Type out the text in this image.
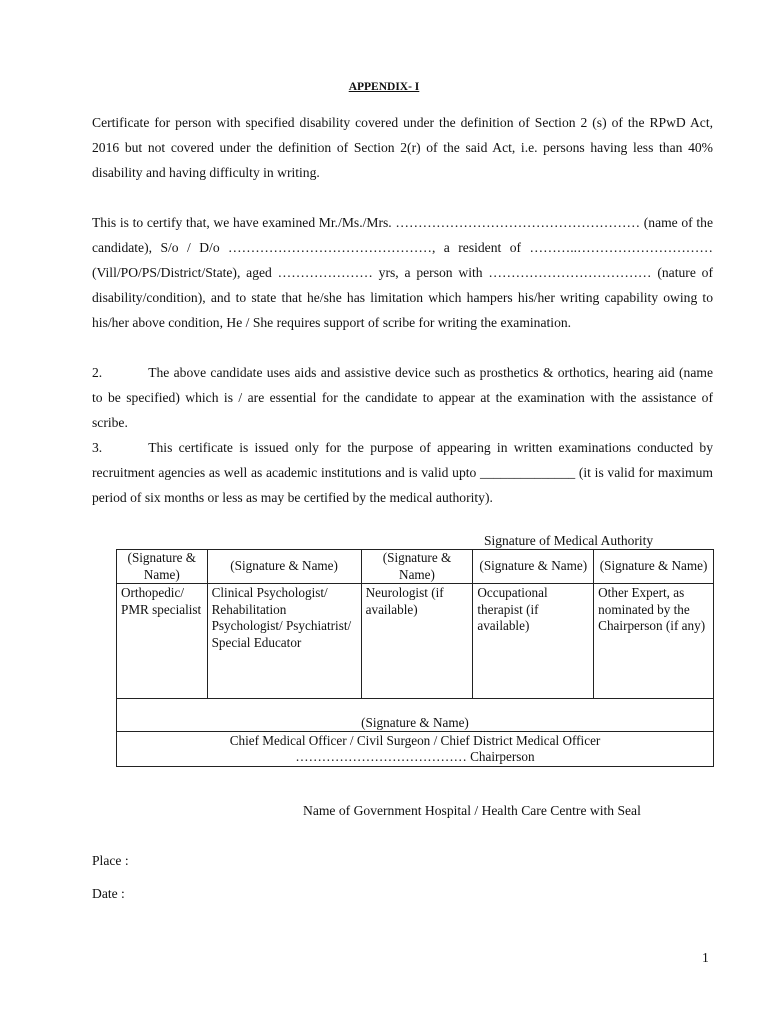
APPENDIX- I

Certificate for person with specified disability covered under the definition of Section 2 (s) of the RPwD Act, 2016 but not covered under the definition of Section 2(r) of the said Act, i.e. persons having less than 40% disability and having difficulty in writing.

This is to certify that, we have examined Mr./Ms./Mrs. ……………………………………………… (name of the candidate), S/o / D/o ………………………………………, a resident of ………..………………………… (Vill/PO/PS/District/State), aged ………………… yrs, a person with ……………………………… (nature of disability/condition), and to state that he/she has limitation which hampers his/her writing capability owing to his/her above condition, He / She requires support of scribe for writing the examination.

2.	The above candidate uses aids and assistive device such as prosthetics & orthotics, hearing aid (name to be specified) which is / are essential for the candidate to appear at the examination with the assistance of scribe.

3.	This certificate is issued only for the purpose of appearing in written examinations conducted by recruitment agencies as well as academic institutions and is valid upto ______________ (it is valid for maximum period of six months or less as may be certified by the medical authority).

Signature of Medical Authority
(Signature & Name)	(Signature & Name)	(Signature & Name)	(Signature & Name)	(Signature & Name)
Orthopedic/ PMR specialist	Clinical Psychologist/ Rehabilitation Psychologist/ Psychiatrist/ Special Educator	Neurologist (if available)	Occupational therapist (if available)	Other Expert, as nominated by the Chairperson (if any)
(Signature & Name)				

Chief Medical Officer / Civil Surgeon / Chief District Medical Officer
………………………………… Chairperson				
Name of Government Hospital / Health Care Centre with Seal
Place :
Date :
1
